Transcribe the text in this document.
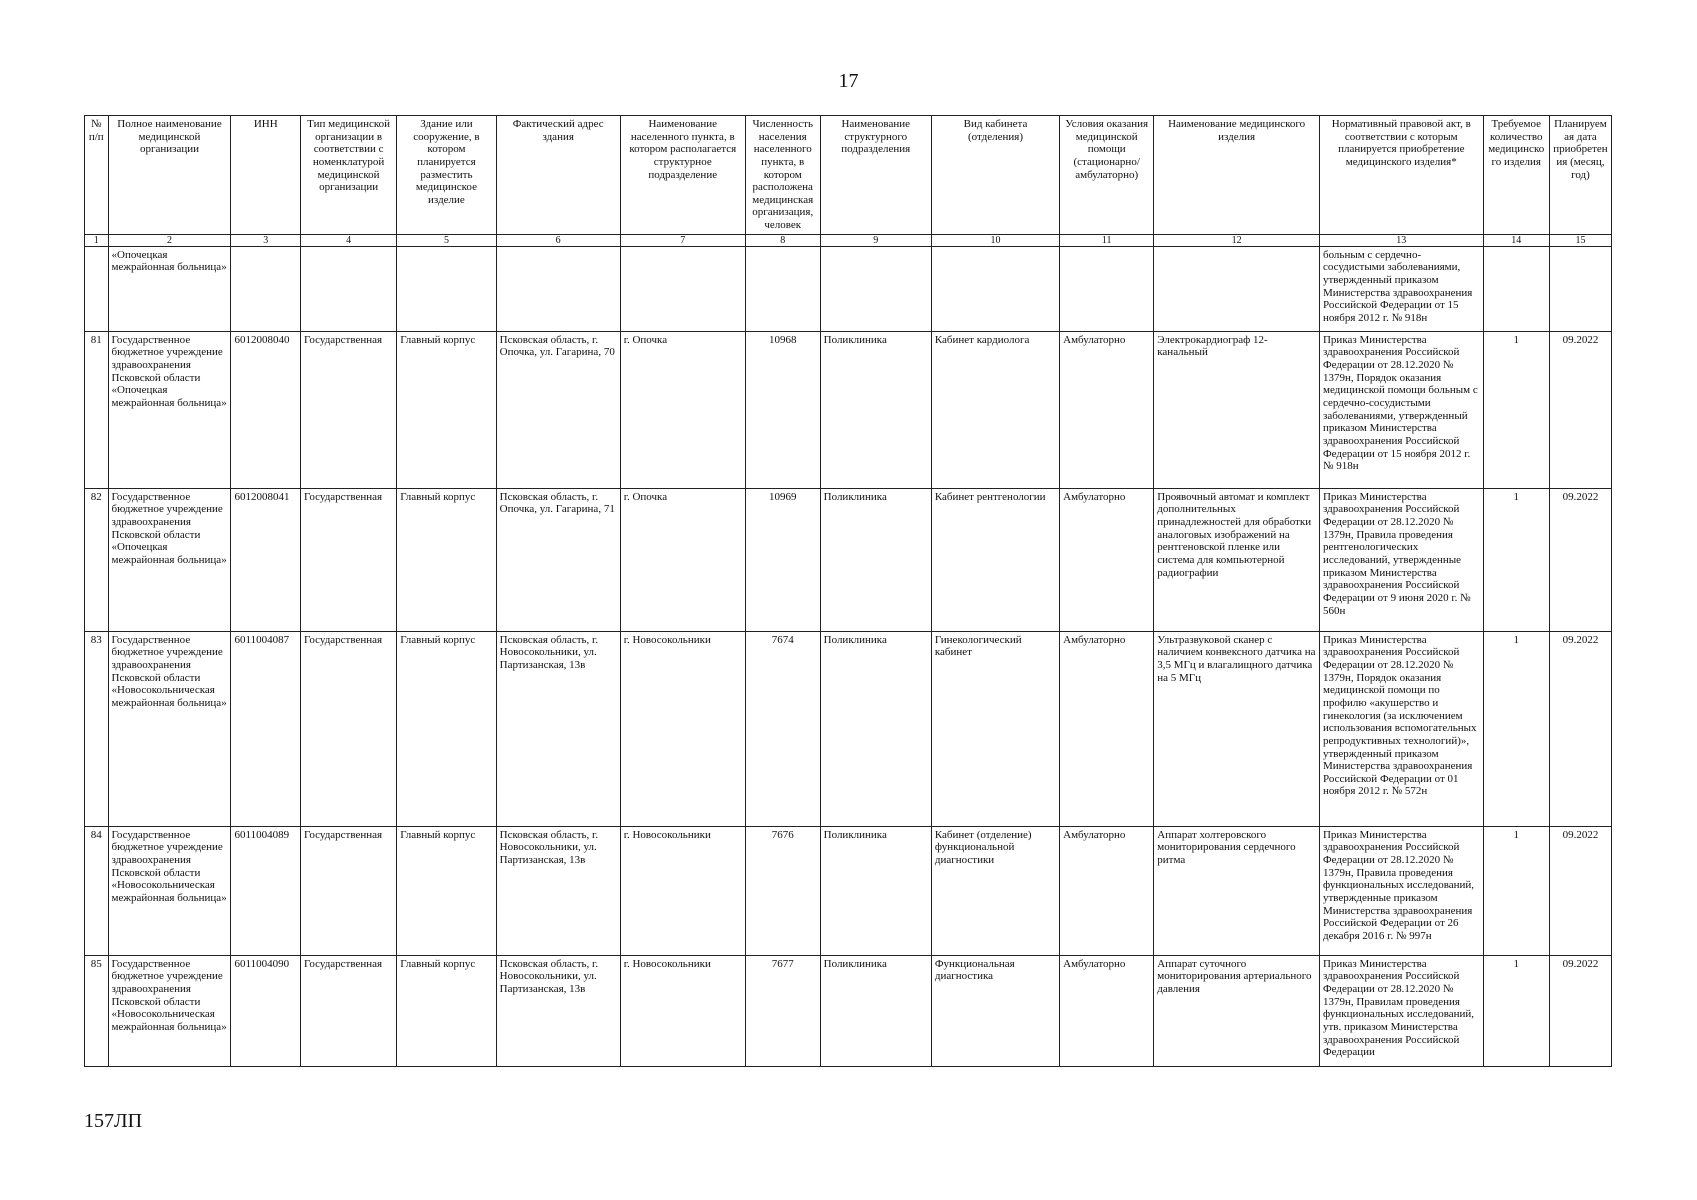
17
№ п/п	Полное наименование медицинской организации	ИНН	Тип медицинской организации в соответствии с номенклатурой медицинской организации	Здание или сооружение, в котором планируется разместить медицинское изделие	Фактический адрес здания	Наименование населенного пункта, в котором располагается структурное подразделение	Численность населения населенного пункта, в котором расположена медицинская организация, человек	Наименование структурного подразделения	Вид кабинета (отделения)	Условия оказания медицинской помощи (стационарно/ амбулаторно)	Наименование медицинского изделия	Нормативный правовой акт, в соответствии с которым планируется приобретение медицинского изделия*	Требуемое количество медицинского изделия	Планируемая дата приобретения (месяц, год)
1	2	3	4	5	6	7	8	9	10	11	12	13	14	15
	«Опочецкая межрайонная больница»											больным с сердечно-сосудистыми заболеваниями, утвержденный приказом Министерства здравоохранения Российской Федерации от 15 ноября 2012 г. № 918н		
81	Государственное бюджетное учреждение здравоохранения Псковской области «Опочецкая межрайонная больница»	6012008040	Государственная	Главный корпус	Псковская область, г. Опочка, ул. Гагарина, 70	г. Опочка	10968	Поликлиника	Кабинет кардиолога	Амбулаторно	Электрокардиограф 12-канальный	Приказ Министерства здравоохранения Российской Федерации от 28.12.2020 № 1379н, Порядок оказания медицинской помощи больным с сердечно-сосудистыми заболеваниями, утвержденный приказом Министерства здравоохранения Российской Федерации от 15 ноября 2012 г. № 918н	1	09.2022
82	Государственное бюджетное учреждение здравоохранения Псковской области «Опочецкая межрайонная больница»	6012008041	Государственная	Главный корпус	Псковская область, г. Опочка, ул. Гагарина, 71	г. Опочка	10969	Поликлиника	Кабинет рентгенологии	Амбулаторно	Проявочный автомат и комплект дополнительных принадлежностей для обработки аналоговых изображений на рентгеновской пленке или система для компьютерной радиографии	Приказ Министерства здравоохранения Российской Федерации от 28.12.2020 № 1379н, Правила проведения рентгенологических исследований, утвержденные приказом Министерства здравоохранения Российской Федерации от 9 июня 2020 г. № 560н	1	09.2022
83	Государственное бюджетное учреждение здравоохранения Псковской области «Новосокольническая межрайонная больница»	6011004087	Государственная	Главный корпус	Псковская область, г. Новосокольники, ул. Партизанская, 13в	г. Новосокольники	7674	Поликлиника	Гинекологический кабинет	Амбулаторно	Ультразвуковой сканер с наличием конвексного датчика на 3,5 МГц и влагалищного датчика на 5 МГц	Приказ Министерства здравоохранения Российской Федерации от 28.12.2020 № 1379н, Порядок оказания медицинской помощи по профилю «акушерство и гинекология (за исключением использования вспомогательных репродуктивных технологий)», утвержденный приказом Министерства здравоохранения Российской Федерации от 01 ноября 2012 г. № 572н	1	09.2022
84	Государственное бюджетное учреждение здравоохранения Псковской области «Новосокольническая межрайонная больница»	6011004089	Государственная	Главный корпус	Псковская область, г. Новосокольники, ул. Партизанская, 13в	г. Новосокольники	7676	Поликлиника	Кабинет (отделение) функциональной диагностики	Амбулаторно	Аппарат холтеровского мониторирования сердечного ритма	Приказ Министерства здравоохранения Российской Федерации от 28.12.2020 № 1379н, Правила проведения функциональных исследований, утвержденные приказом Министерства здравоохранения Российской Федерации от 26 декабря 2016 г. № 997н	1	09.2022
85	Государственное бюджетное учреждение здравоохранения Псковской области «Новосокольническая межрайонная больница»	6011004090	Государственная	Главный корпус	Псковская область, г. Новосокольники, ул. Партизанская, 13в	г. Новосокольники	7677	Поликлиника	Функциональная диагностика	Амбулаторно	Аппарат суточного мониторирования артериального давления	Приказ Министерства здравоохранения Российской Федерации от 28.12.2020 № 1379н, Правилам проведения функциональных исследований, утв. приказом Министерства здравоохранения Российской Федерации	1	09.2022
157ЛП
